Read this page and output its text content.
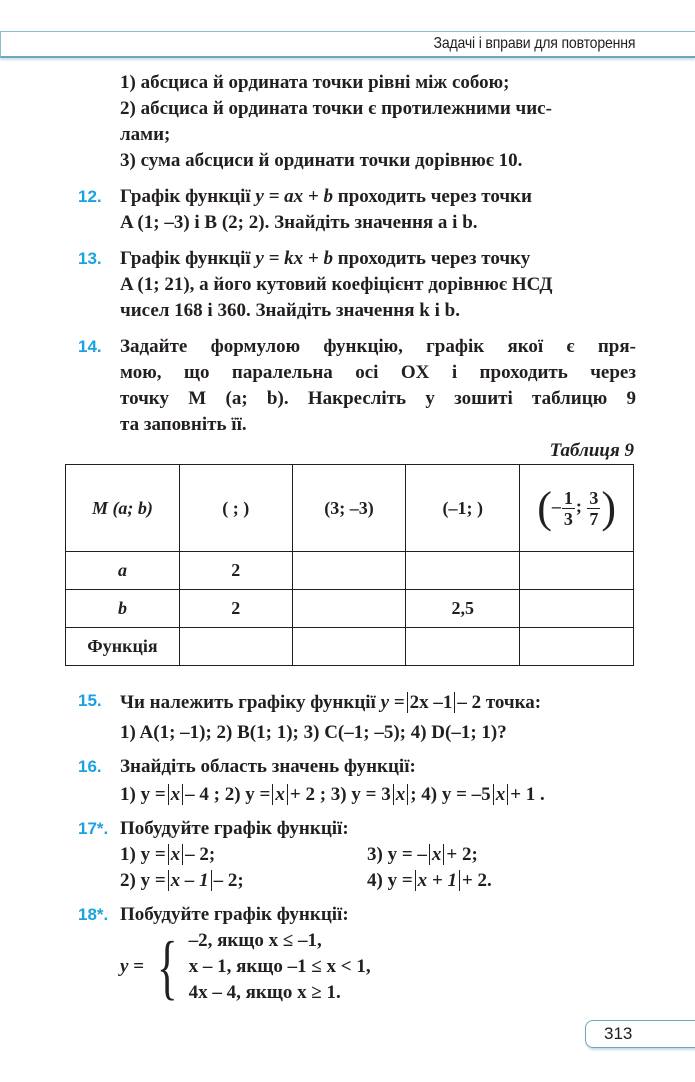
Задачі і вправи для повторення
1) абсциса й ордината точки рівні між собою;
2) абсциса й ордината точки є протилежними чис-
лами;
3) сума абсциси й ординати точки дорівнює 10.
12. Графік функції y = ax + b проходить через точки
A (1; –3) і B (2; 2). Знайдіть значення a і b.
13. Графік функції y = kx + b проходить через точку
A (1; 21), а його кутовий коефіцієнт дорівнює НСД
чисел 168 і 360. Знайдіть значення k і b.
14. Задайте формулою функцію, графік якої є пря-
мою, що паралельна осі OX і проходить через
точку M (a; b). Накресліть у зошиті таблицю 9
та заповніть її.
Таблиця 9
M (a; b)	( ; )	(3; –3)	(–1; )	(– $\frac{1}{3}$ ; $\frac{3}{7}$ )
a	2			
b	2		2,5	
Функція				
15. Чи належить графіку функції y = 2x –1 – 2 точка:
1) A(1; –1); 2) B(1; 1); 3) C(–1; –5); 4) D(–1; 1)?
16. Знайдіть область значень функції:
1) y = x – 4 ; 2) y = x + 2 ; 3) y = 3 x ; 4) y = –5 x + 1 .
17*. Побудуйте графік функції:
1) y = x – 2;	3) y = – x + 2;
2) y = x – 1 – 2;	4) y = x + 1 + 2.
18*. Побудуйте графік функції:
y = { –2, якщо x ≤ –1,
x – 1, якщо –1 ≤ x < 1,
4x – 4, якщо x ≥ 1.
313
